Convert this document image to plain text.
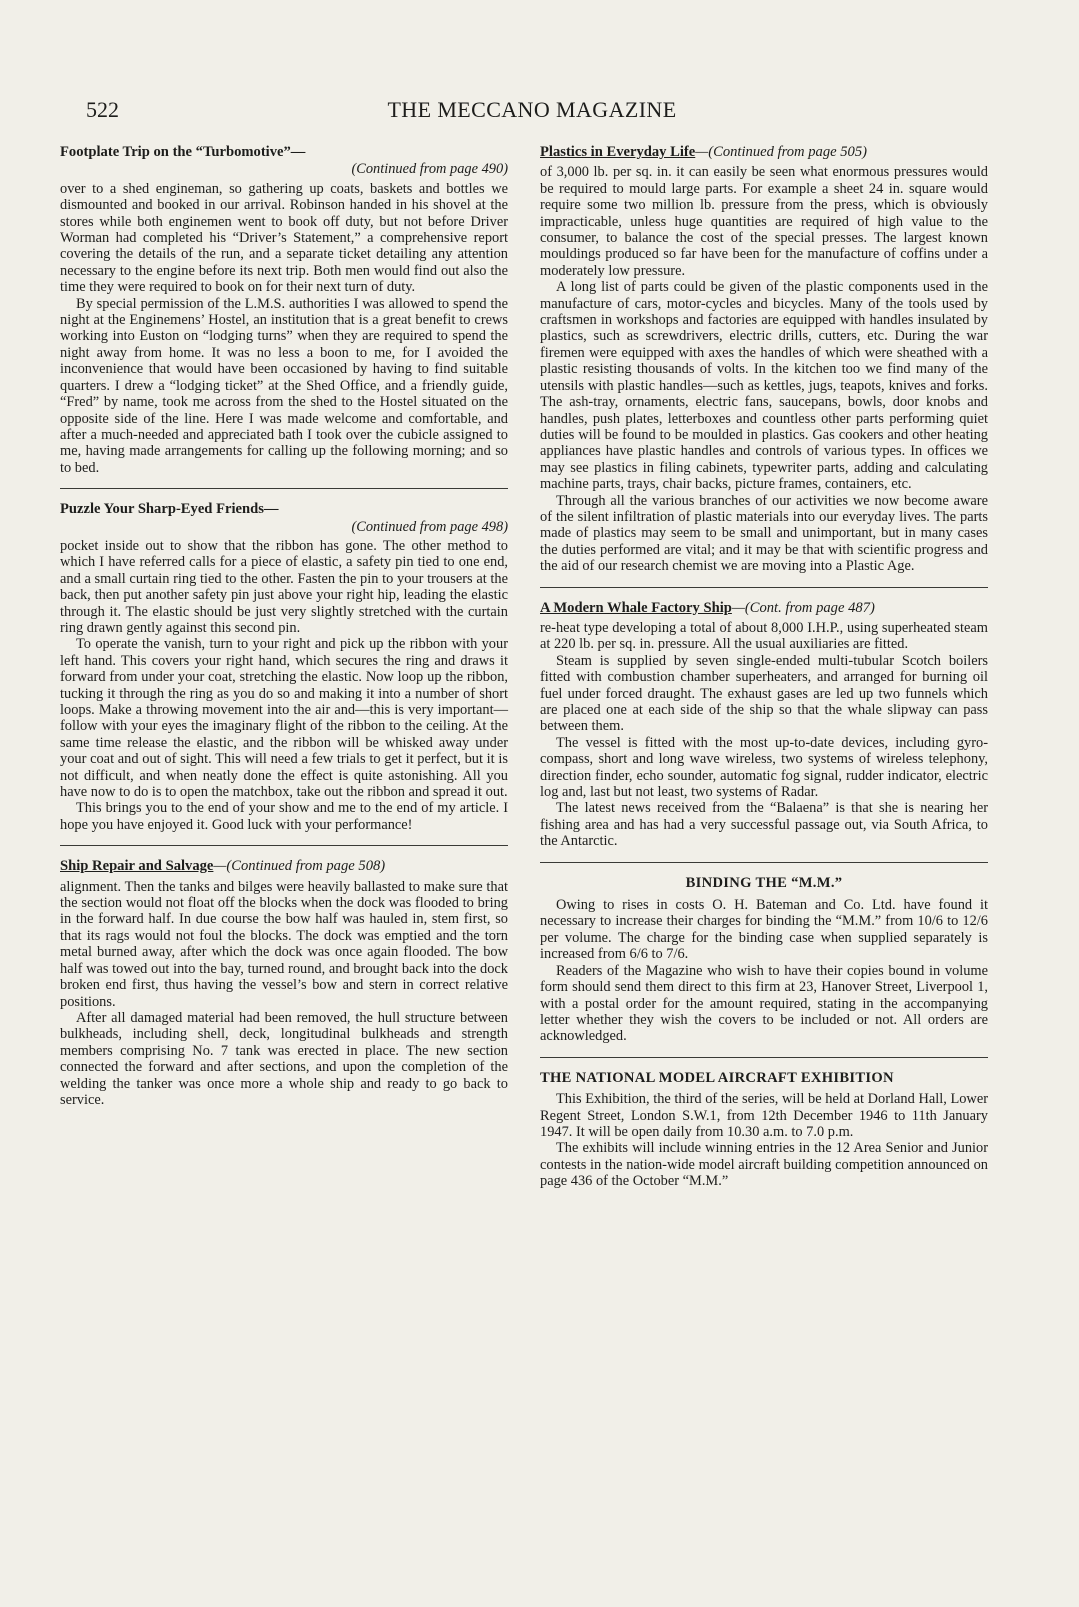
522	THE MECCANO MAGAZINE
Footplate Trip on the “Turbomotive”—
(Continued from page 490)

over to a shed engineman, so gathering up coats, baskets and bottles we dismounted and booked in our arrival. Robinson handed in his shovel at the stores while both enginemen went to book off duty, but not before Driver Worman had completed his “Driver’s Statement,” a comprehensive report covering the details of the run, and a separate ticket detailing any attention necessary to the engine before its next trip. Both men would find out also the time they were required to book on for their next turn of duty.

By special permission of the L.M.S. authorities I was allowed to spend the night at the Enginemens’ Hostel, an institution that is a great benefit to crews working into Euston on “lodging turns” when they are required to spend the night away from home. It was no less a boon to me, for I avoided the inconvenience that would have been occasioned by having to find suitable quarters. I drew a “lodging ticket” at the Shed Office, and a friendly guide, “Fred” by name, took me across from the shed to the Hostel situated on the opposite side of the line. Here I was made welcome and comfortable, and after a much-needed and appreciated bath I took over the cubicle assigned to me, having made arrangements for calling up the following morning; and so to bed.

Puzzle Your Sharp-Eyed Friends—
(Continued from page 498)

pocket inside out to show that the ribbon has gone. The other method to which I have referred calls for a piece of elastic, a safety pin tied to one end, and a small curtain ring tied to the other. Fasten the pin to your trousers at the back, then put another safety pin just above your right hip, leading the elastic through it. The elastic should be just very slightly stretched with the curtain ring drawn gently against this second pin.

To operate the vanish, turn to your right and pick up the ribbon with your left hand. This covers your right hand, which secures the ring and draws it forward from under your coat, stretching the elastic. Now loop up the ribbon, tucking it through the ring as you do so and making it into a number of short loops. Make a throwing movement into the air and—this is very important—follow with your eyes the imaginary flight of the ribbon to the ceiling. At the same time release the elastic, and the ribbon will be whisked away under your coat and out of sight. This will need a few trials to get it perfect, but it is not difficult, and when neatly done the effect is quite astonishing. All you have now to do is to open the matchbox, take out the ribbon and spread it out.

This brings you to the end of your show and me to the end of my article. I hope you have enjoyed it. Good luck with your performance!

Ship Repair and Salvage—(Continued from page 508)

alignment. Then the tanks and bilges were heavily ballasted to make sure that the section would not float off the blocks when the dock was flooded to bring in the forward half. In due course the bow half was hauled in, stem first, so that its rags would not foul the blocks. The dock was emptied and the torn metal burned away, after which the dock was once again flooded. The bow half was towed out into the bay, turned round, and brought back into the dock broken end first, thus having the vessel’s bow and stern in correct relative positions.

After all damaged material had been removed, the hull structure between bulkheads, including shell, deck, longitudinal bulkheads and strength members comprising No. 7 tank was erected in place. The new section connected the forward and after sections, and upon the completion of the welding the tanker was once more a whole ship and ready to go back to service.

Plastics in Everyday Life—(Continued from page 505)

of 3,000 lb. per sq. in. it can easily be seen what enormous pressures would be required to mould large parts. For example a sheet 24 in. square would require some two million lb. pressure from the press, which is obviously impracticable, unless huge quantities are required of high value to the consumer, to balance the cost of the special presses. The largest known mouldings produced so far have been for the manufacture of coffins under a moderately low pressure.

A long list of parts could be given of the plastic components used in the manufacture of cars, motor-cycles and bicycles. Many of the tools used by craftsmen in workshops and factories are equipped with handles insulated by plastics, such as screwdrivers, electric drills, cutters, etc. During the war firemen were equipped with axes the handles of which were sheathed with a plastic resisting thousands of volts. In the kitchen too we find many of the utensils with plastic handles—such as kettles, jugs, teapots, knives and forks. The ash-tray, ornaments, electric fans, saucepans, bowls, door knobs and handles, push plates, letterboxes and countless other parts performing quiet duties will be found to be moulded in plastics. Gas cookers and other heating appliances have plastic handles and controls of various types. In offices we may see plastics in filing cabinets, typewriter parts, adding and calculating machine parts, trays, chair backs, picture frames, containers, etc.

Through all the various branches of our activities we now become aware of the silent infiltration of plastic materials into our everyday lives. The parts made of plastics may seem to be small and unimportant, but in many cases the duties performed are vital; and it may be that with scientific progress and the aid of our research chemist we are moving into a Plastic Age.

A Modern Whale Factory Ship—(Cont. from page 487)

re-heat type developing a total of about 8,000 I.H.P., using superheated steam at 220 lb. per sq. in. pressure. All the usual auxiliaries are fitted.

Steam is supplied by seven single-ended multi-tubular Scotch boilers fitted with combustion chamber superheaters, and arranged for burning oil fuel under forced draught. The exhaust gases are led up two funnels which are placed one at each side of the ship so that the whale slipway can pass between them.

The vessel is fitted with the most up-to-date devices, including gyro-compass, short and long wave wireless, two systems of wireless telephony, direction finder, echo sounder, automatic fog signal, rudder indicator, electric log and, last but not least, two systems of Radar.

The latest news received from the “Balaena” is that she is nearing her fishing area and has had a very successful passage out, via South Africa, to the Antarctic.

BINDING THE “M.M.”

Owing to rises in costs O. H. Bateman and Co. Ltd. have found it necessary to increase their charges for binding the “M.M.” from 10/6 to 12/6 per volume. The charge for the binding case when supplied separately is increased from 6/6 to 7/6.

Readers of the Magazine who wish to have their copies bound in volume form should send them direct to this firm at 23, Hanover Street, Liverpool 1, with a postal order for the amount required, stating in the accompanying letter whether they wish the covers to be included or not. All orders are acknowledged.

THE NATIONAL MODEL AIRCRAFT EXHIBITION

This Exhibition, the third of the series, will be held at Dorland Hall, Lower Regent Street, London S.W.1, from 12th December 1946 to 11th January 1947. It will be open daily from 10.30 a.m. to 7.0 p.m.

The exhibits will include winning entries in the 12 Area Senior and Junior contests in the nation-wide model aircraft building competition announced on page 436 of the October “M.M.”
